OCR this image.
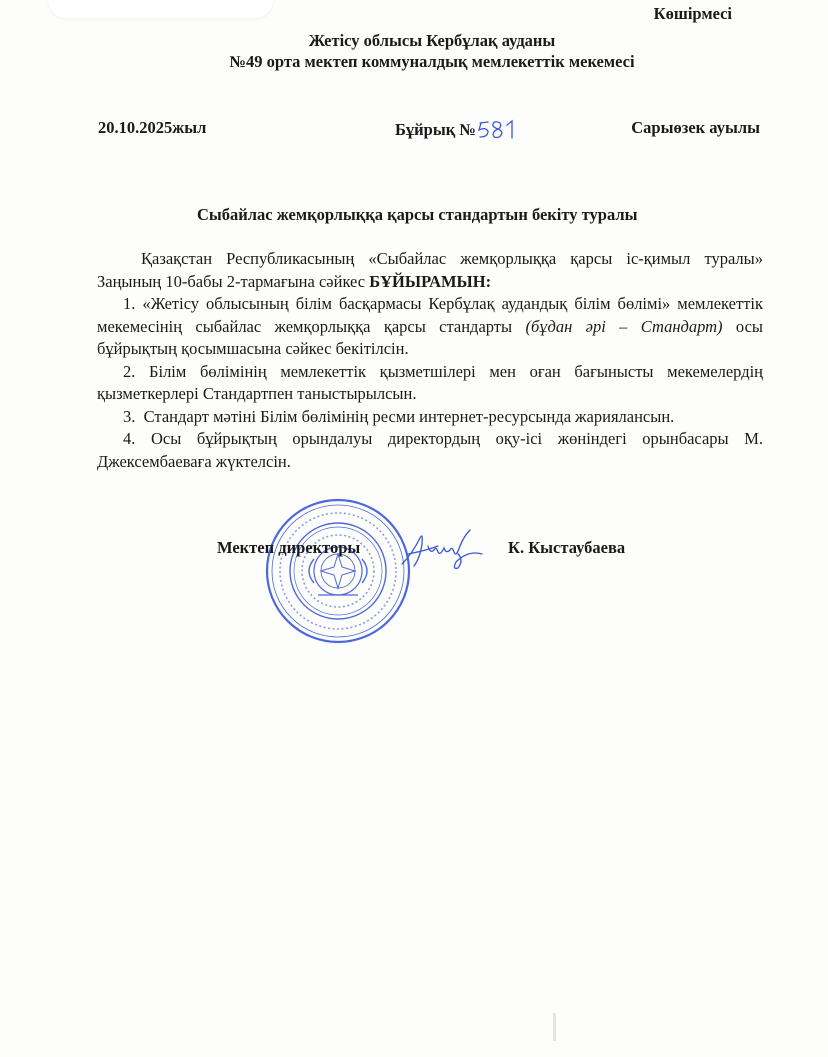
Көшірмесі
Жетісу облысы Кербұлақ ауданы
№49 орта мектеп коммуналдық мемлекеттік мекемесі
20.10.2025жыл	Бұйрық №	Сарыөзек ауылы
Сыбайлас жемқорлыққа қарсы стандартын бекіту туралы

Қазақстан Республикасының «Сыбайлас жемқорлыққа қарсы іс-қимыл туралы» Заңының 10-бабы 2-тармағына сәйкес БҰЙЫРАМЫН:

1. «Жетісу облысының білім басқармасы Кербұлақ аудандық білім бөлімі» мемлекеттік мекемесінің сыбайлас жемқорлыққа қарсы стандарты (бұдан әрі – Стандарт) осы бұйрықтың қосымшасына сәйкес бекітілсін.

2. Білім бөлімінің мемлекеттік қызметшілері мен оған бағынысты мекемелердің қызметкерлері Стандартпен таныстырылсын.

3. Стандарт мәтіні Білім бөлімінің ресми интернет-ресурсында жариялансын.

4. Осы бұйрықтың орындалуы директордың оқу-ісі жөніндегі орынбасары М. Джексембаеваға жүктелсін.

Мектеп директоры	К. Кыстаубаева
